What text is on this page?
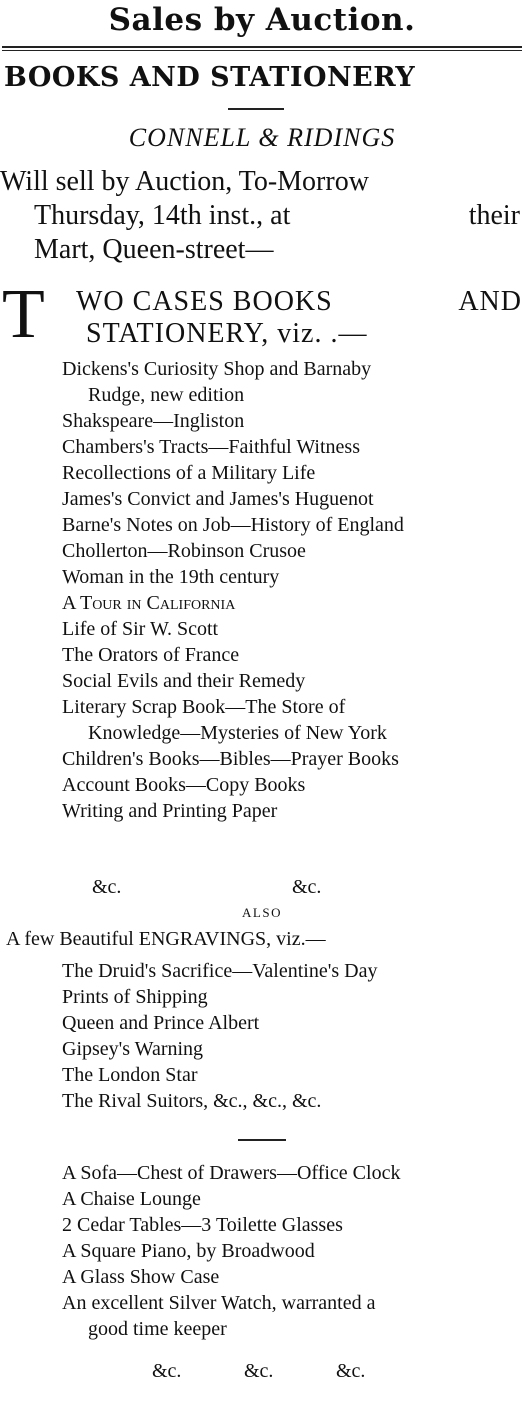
Sales by Auction.
BOOKS AND STATIONERY
CONNELL & RIDINGS
Will sell by Auction, To-Morrow
Thursday, 14th inst., at	their
Mart, Queen-street—
T WO CASES BOOKS	AND
STATIONERY, viz. .—
Dickens's Curiosity Shop and Barnaby
Rudge, new edition
Shakspeare—Ingliston
Chambers's Tracts—Faithful Witness
Recollections of a Military Life
James's Convict and James's Huguenot
Barne's Notes on Job—History of England
Chollerton—Robinson Crusoe
Woman in the 19th century
A Tour in California
Life of Sir W. Scott
The Orators of France
Social Evils and their Remedy
Literary Scrap Book—The Store of
Knowledge—Mysteries of New York
Children's Books—Bibles—Prayer Books
Account Books—Copy Books
Writing and Printing Paper
&c.	&c.
ALSO
A few Beautiful ENGRAVINGS, viz.—
The Druid's Sacrifice—Valentine's Day
Prints of Shipping
Queen and Prince Albert
Gipsey's Warning
The London Star
The Rival Suitors, &c., &c., &c.
A Sofa—Chest of Drawers—Office Clock
A Chaise Lounge
2 Cedar Tables—3 Toilette Glasses
A Square Piano, by Broadwood
A Glass Show Case
An excellent Silver Watch, warranted a
good time keeper
&c.	&c.	&c.
